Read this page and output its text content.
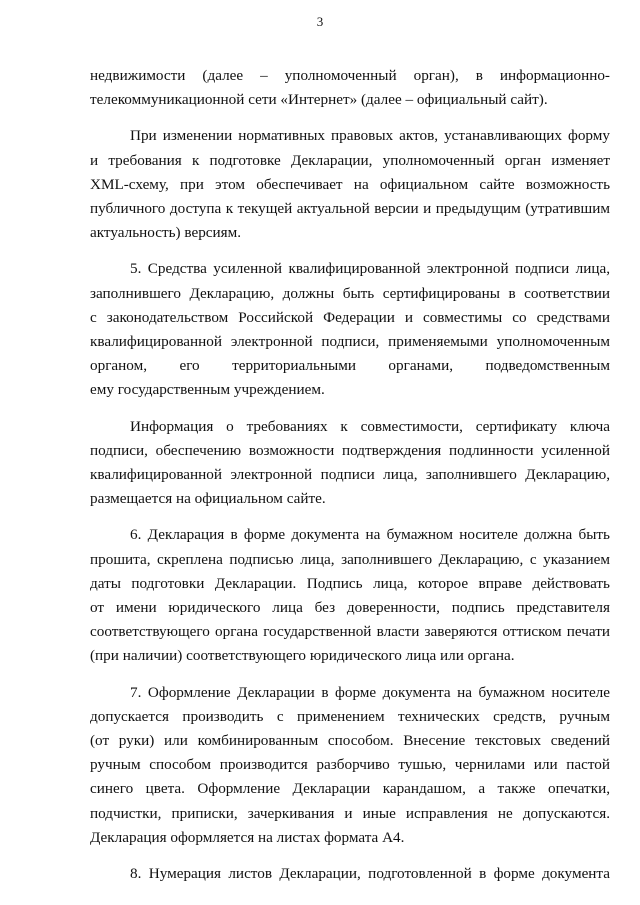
3

недвижимости (далее – уполномоченный орган), в информационно-

телекоммуникационной сети «Интернет» (далее – официальный сайт).

При изменении нормативных правовых актов, устанавливающих форму

и требования к подготовке Декларации, уполномоченный орган изменяет

XML-схему, при этом обеспечивает на официальном сайте возможность

публичного доступа к текущей актуальной версии и предыдущим (утратившим

актуальность) версиям.

5. Средства усиленной квалифицированной электронной подписи лица,

заполнившего Декларацию, должны быть сертифицированы в соответствии

с законодательством Российской Федерации и совместимы со средствами

квалифицированной электронной подписи, применяемыми уполномоченным

органом, его территориальными органами, подведомственным

ему государственным учреждением.

Информация о требованиях к совместимости, сертификату ключа

подписи, обеспечению возможности подтверждения подлинности усиленной

квалифицированной электронной подписи лица, заполнившего Декларацию,

размещается на официальном сайте.

6. Декларация в форме документа на бумажном носителе должна быть

прошита, скреплена подписью лица, заполнившего Декларацию, с указанием

даты подготовки Декларации. Подпись лица, которое вправе действовать

от имени юридического лица без доверенности, подпись представителя

соответствующего органа государственной власти заверяются оттиском печати

(при наличии) соответствующего юридического лица или органа.

7. Оформление Декларации в форме документа на бумажном носителе

допускается производить с применением технических средств, ручным

(от руки) или комбинированным способом. Внесение текстовых сведений

ручным способом производится разборчиво тушью, чернилами или пастой

синего цвета. Оформление Декларации карандашом, а также опечатки,

подчистки, приписки, зачеркивания и иные исправления не допускаются.

Декларация оформляется на листах формата А4.

8. Нумерация листов Декларации, подготовленной в форме документа
